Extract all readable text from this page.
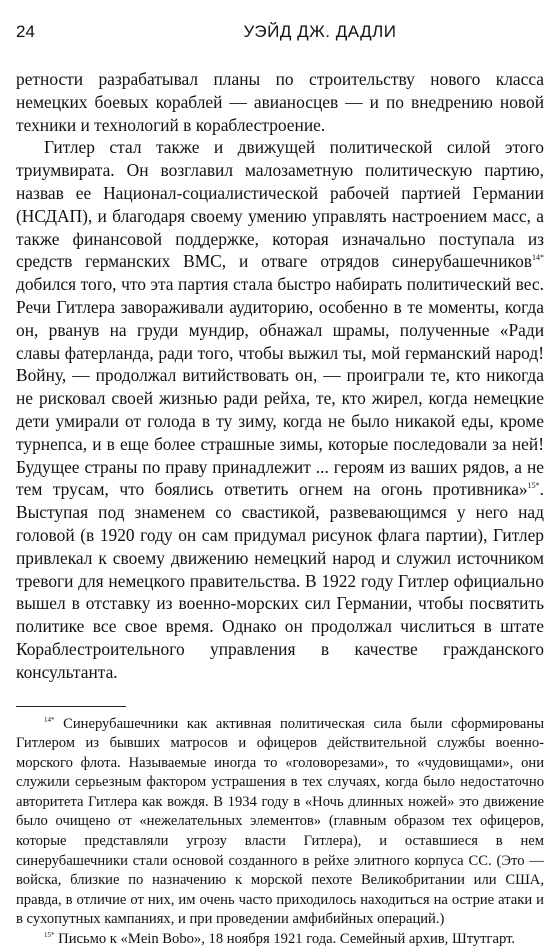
24	УЭЙД ДЖ. ДАДЛИ

ретности разрабатывал планы по строительству нового класса немецких боевых кораблей — авианосцев — и по внедрению новой техники и технологий в кораблестроение.

Гитлер стал также и движущей политической силой этого триумвирата. Он возглавил малозаметную политическую партию, назвав ее Национал-социалистической рабочей партией Германии (НСДАП), и благодаря своему умению управлять настроением масс, а также финансовой поддержке, которая изначально поступала из средств германских ВМС, и отваге отрядов синерубашечников$^{14*}$ добился того, что эта партия стала быстро набирать политический вес. Речи Гитлера завораживали аудиторию, особенно в те моменты, когда он, рванув на груди мундир, обнажал шрамы, полученные «Ради славы фатерланда, ради того, чтобы выжил ты, мой германский народ! Войну, — продолжал витийствовать он, — проиграли те, кто никогда не рисковал своей жизнью ради рейха, те, кто жирел, когда немецкие дети умирали от голода в ту зиму, когда не было никакой еды, кроме турнепса, и в еще более страшные зимы, которые последовали за ней! Будущее страны по праву принадлежит ... героям из ваших рядов, а не тем трусам, что боялись ответить огнем на огонь противника»$^{15*}$. Выступая под знаменем со свастикой, развевающимся у него над головой (в 1920 году он сам придумал рисунок флага партии), Гитлер привлекал к своему движению немецкий народ и служил источником тревоги для немецкого правительства. В 1922 году Гитлер официально вышел в отставку из военно-морских сил Германии, чтобы посвятить политике все свое время. Однако он продолжал числиться в штате Кораблестроительного управления в качестве гражданского консультанта.

$^{14*}$ Синерубашечники как активная политическая сила были сформированы Гитлером из бывших матросов и офицеров действительной службы военно-морского флота. Называемые иногда то «головорезами», то «чудовищами», они служили серьезным фактором устрашения в тех случаях, когда было недостаточно авторитета Гитлера как вождя. В 1934 году в «Ночь длинных ножей» это движение было очищено от «нежелательных элементов» (главным образом тех офицеров, которые представляли угрозу власти Гитлера), и оставшиеся в нем синерубашечники стали основой созданного в рейхе элитного корпуса СС. (Это — войска, близкие по назначению к морской пехоте Великобритании или США, правда, в отличие от них, им очень часто приходилось находиться на острие атаки и в сухопутных кампаниях, и при проведении амфибийных операций.)

$^{15*}$ Письмо к «Mein Bobo», 18 ноября 1921 года. Семейный архив, Штутгарт.
